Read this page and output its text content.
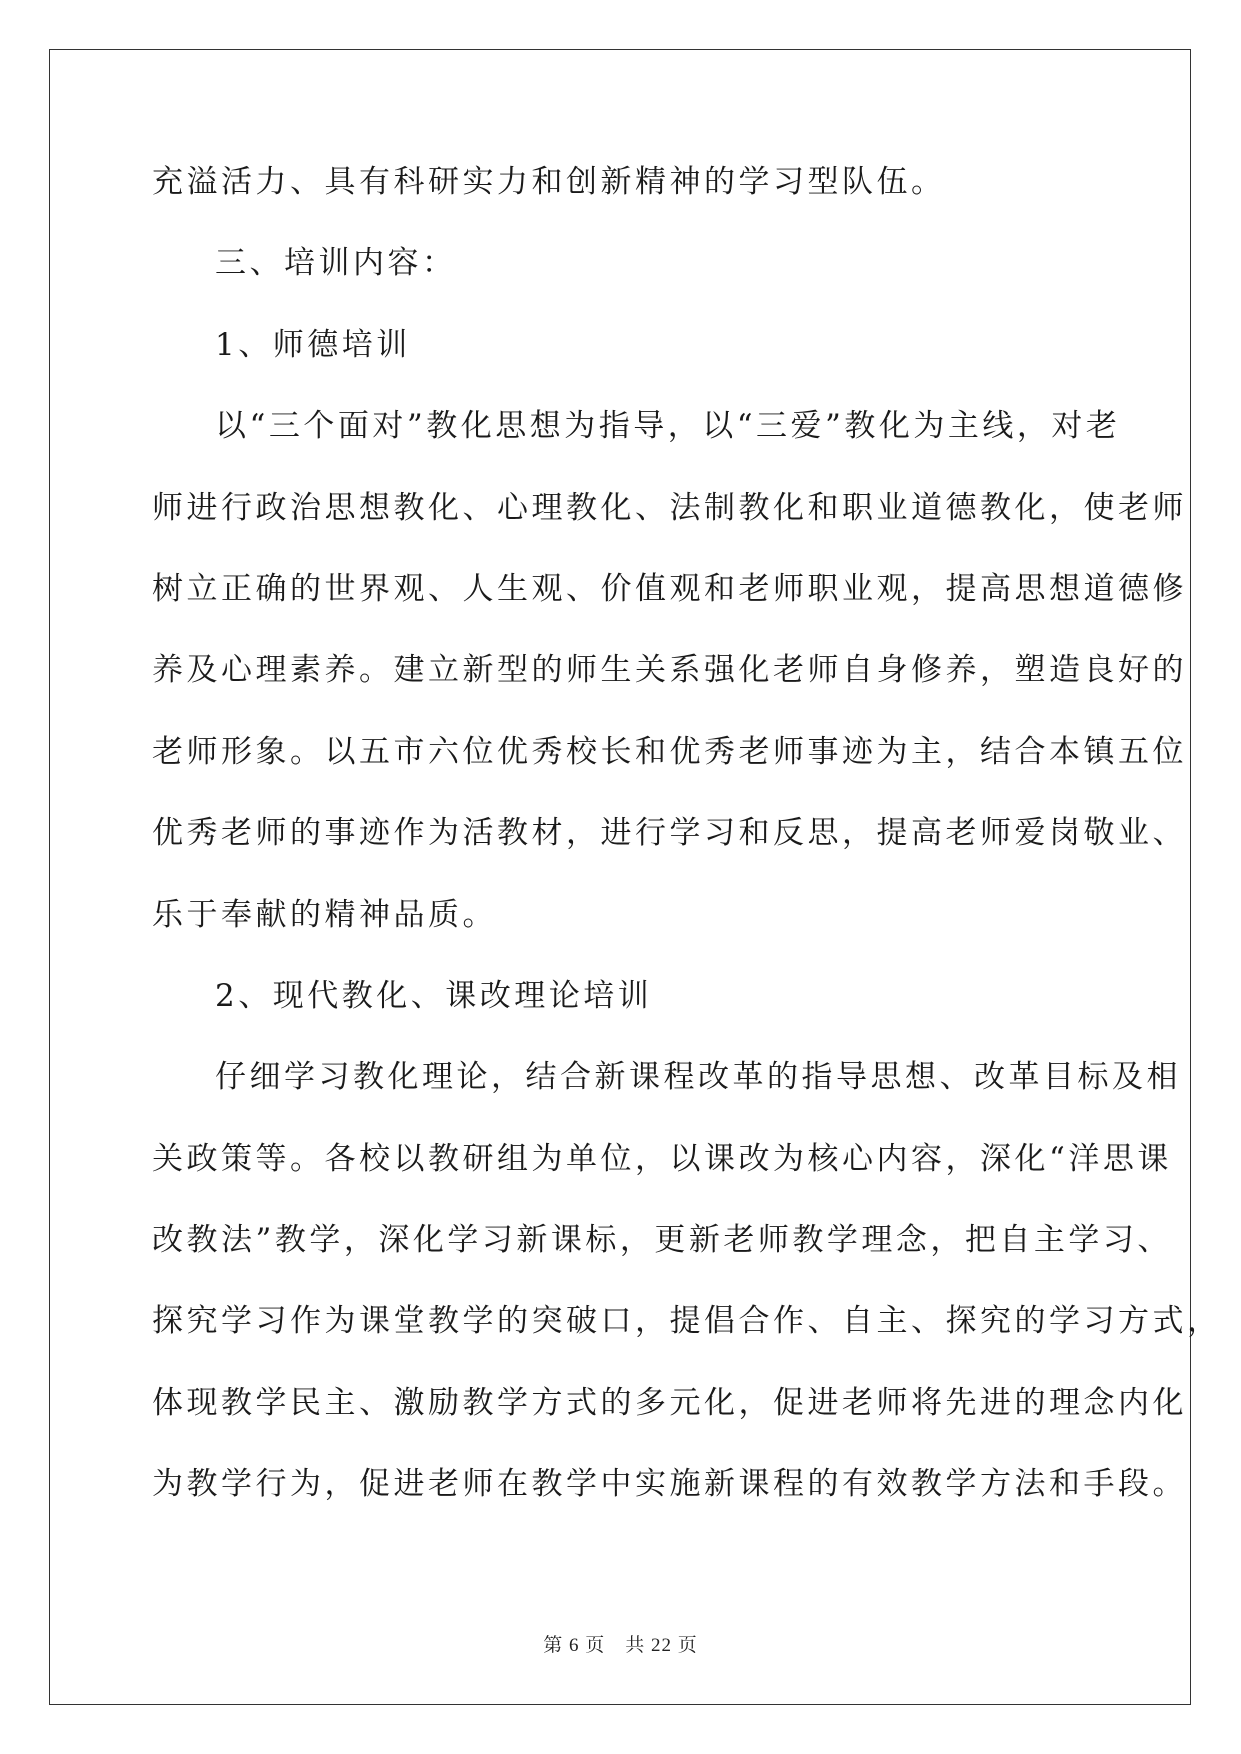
充溢活力、具有科研实力和创新精神的学习型队伍。
三、培训内容：
1、师德培训
以“三个面对”教化思想为指导，以“三爱”教化为主线，对老
师进行政治思想教化、心理教化、法制教化和职业道德教化，使老师
树立正确的世界观、人生观、价值观和老师职业观，提高思想道德修
养及心理素养。建立新型的师生关系强化老师自身修养，塑造良好的
老师形象。以五市六位优秀校长和优秀老师事迹为主，结合本镇五位
优秀老师的事迹作为活教材，进行学习和反思，提高老师爱岗敬业、
乐于奉献的精神品质。
2、现代教化、课改理论培训
仔细学习教化理论，结合新课程改革的指导思想、改革目标及相
关政策等。各校以教研组为单位，以课改为核心内容，深化“洋思课
改教法”教学，深化学习新课标，更新老师教学理念，把自主学习、
探究学习作为课堂教学的突破口，提倡合作、自主、探究的学习方式，
体现教学民主、激励教学方式的多元化，促进老师将先进的理念内化
为教学行为，促进老师在教学中实施新课程的有效教学方法和手段。
第 6 页　共 22 页
